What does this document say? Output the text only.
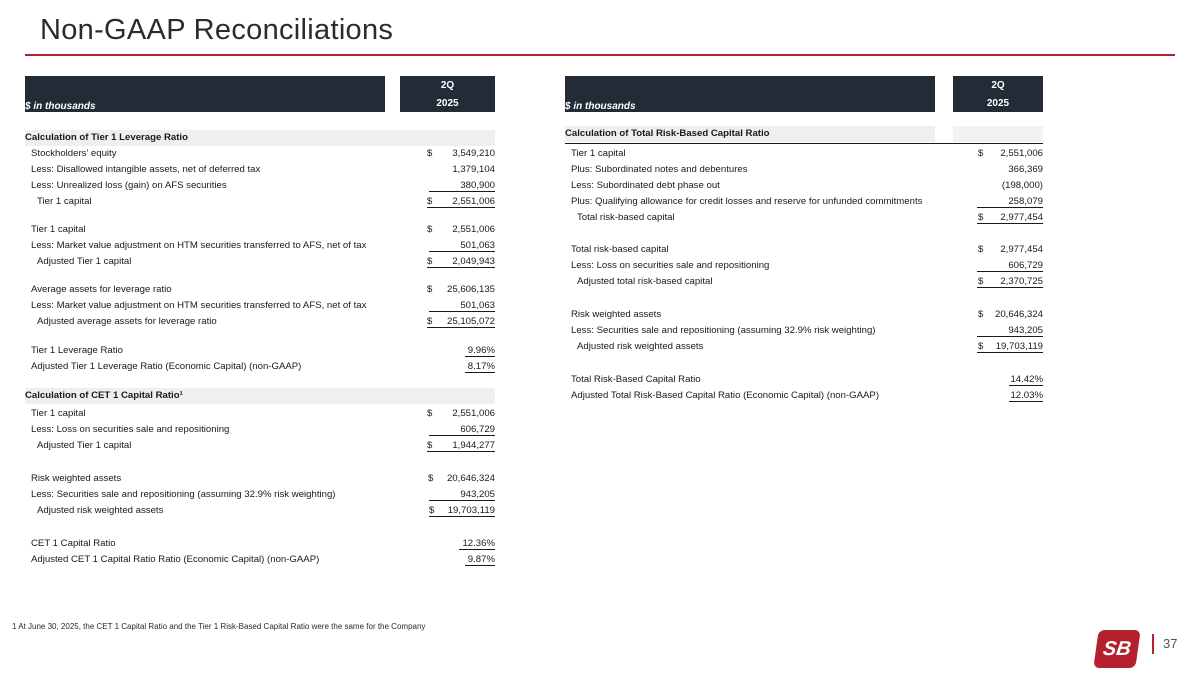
Non-GAAP Reconciliations
$ in thousands
2Q
2025
Calculation of Tier 1 Leverage Ratio
Stockholders’ equity	$ 3,549,210
Less: Disallowed intangible assets, net of deferred tax	1,379,104
Less: Unrealized loss (gain) on AFS securities	380,900
Tier 1 capital	$ 2,551,006
Tier 1 capital	$ 2,551,006
Less: Market value adjustment on HTM securities transferred to AFS, net of tax	501,063
Adjusted Tier 1 capital	$ 2,049,943
Average assets for leverage ratio	$ 25,606,135
Less: Market value adjustment on HTM securities transferred to AFS, net of tax	501,063
Adjusted average assets for leverage ratio	$ 25,105,072
Tier 1 Leverage Ratio	9.96%
Adjusted Tier 1 Leverage Ratio (Economic Capital) (non-GAAP)	8.17%
Calculation of CET 1 Capital Ratio¹
Tier 1 capital	$ 2,551,006
Less: Loss on securities sale and repositioning	606,729
Adjusted Tier 1 capital	$ 1,944,277
Risk weighted assets	$ 20,646,324
Less: Securities sale and repositioning (assuming 32.9% risk weighting)	943,205
Adjusted risk weighted assets	$ 19,703,119
CET 1 Capital Ratio	12.36%
Adjusted CET 1 Capital Ratio Ratio (Economic Capital) (non-GAAP)	9.87%
$ in thousands
2Q
2025
Calculation of Total Risk-Based Capital Ratio
Tier 1 capital	$ 2,551,006
Plus: Subordinated notes and debentures	366,369
Less: Subordinated debt phase out	(198,000)
Plus: Qualifying allowance for credit losses and reserve for unfunded commitments	258,079
Total risk-based capital	$ 2,977,454
Total risk-based capital	$ 2,977,454
Less: Loss on securities sale and repositioning	606,729
Adjusted total risk-based capital	$ 2,370,725
Risk weighted assets	$ 20,646,324
Less: Securities sale and repositioning (assuming 32.9% risk weighting)	943,205
Adjusted risk weighted assets	$ 19,703,119
Total Risk-Based Capital Ratio	14.42%
Adjusted Total Risk-Based Capital Ratio (Economic Capital) (non-GAAP)	12.03%
1 At June 30, 2025, the CET 1 Capital Ratio and the Tier 1 Risk-Based Capital Ratio were the same for the Company
SB 37
